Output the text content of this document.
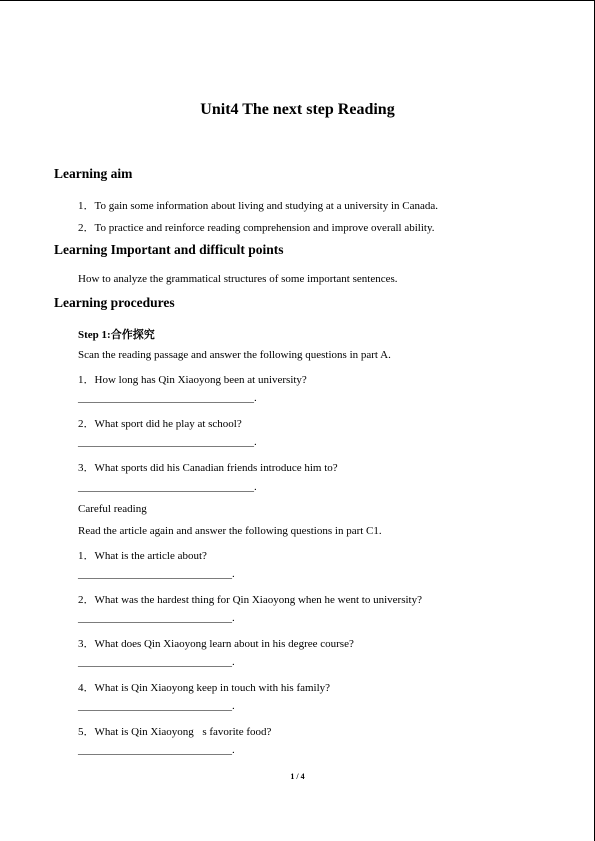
Unit4 The next step Reading
Learning aim
1．To gain some information about living and studying at a university in Canada.
2．To practice and reinforce reading comprehension and improve overall ability.
Learning Important and difficult points
How to analyze the grammatical structures of some important sentences.
Learning procedures
Step 1:合作探究
Scan the reading passage and answer the following questions in part A.
1．How long has Qin Xiaoyong been at university?
________________________________.
2．What sport did he play at school?
________________________________.
3．What sports did his Canadian friends introduce him to?
________________________________.
Careful reading
Read the article again and answer the following questions in part C1.
1．What is the article about?
____________________________.
2．What was the hardest thing for Qin Xiaoyong when he went to university?
____________________________.
3．What does Qin Xiaoyong learn about in his degree course?
____________________________.
4．What is Qin Xiaoyong keep in touch with his family?
____________________________.
5．What is Qin Xiaoyong s favorite food?
____________________________.
1 / 4
